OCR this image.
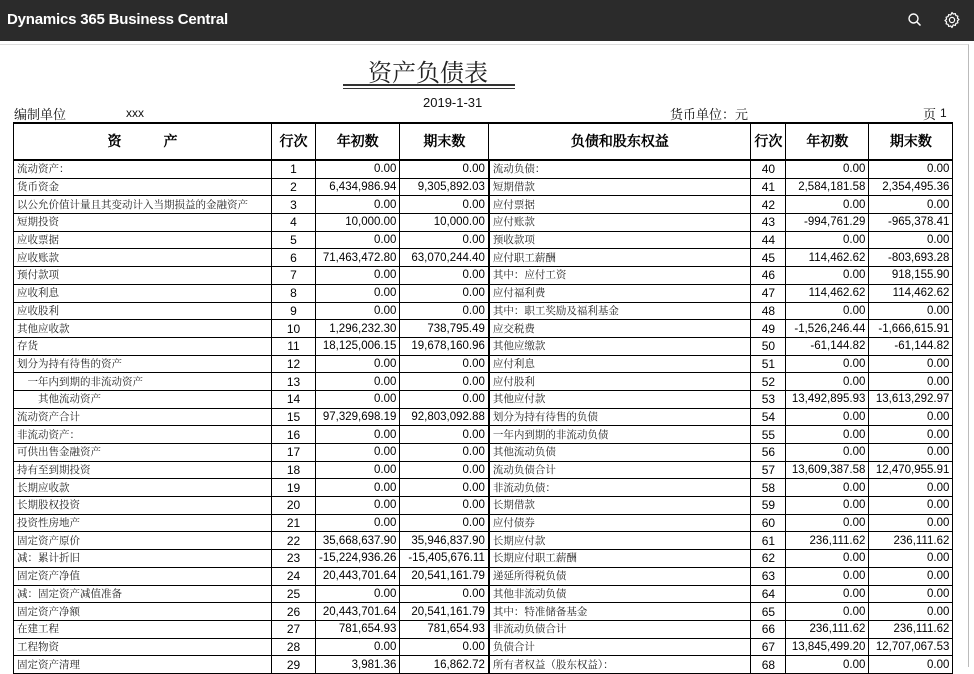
Dynamics 365 Business Central
资产负债表
2019-1-31
编制单位	xxx	货币单位：元	页 1
资　　　产	行次	年初数	期末数	负债和股东权益	行次	年初数	期末数
流动资产：	1	0.00	0.00	流动负债：	40	0.00	0.00
货币资金	2	6,434,986.94	9,305,892.03	短期借款	41	2,584,181.58	2,354,495.36
以公允价值计量且其变动计入当期损益的金融资产	3	0.00	0.00	应付票据	42	0.00	0.00
短期投资	4	10,000.00	10,000.00	应付账款	43	-994,761.29	-965,378.41
应收票据	5	0.00	0.00	预收款项	44	0.00	0.00
应收账款	6	71,463,472.80	63,070,244.40	应付职工薪酬	45	114,462.62	-803,693.28
预付款项	7	0.00	0.00	其中：应付工资	46	0.00	918,155.90
应收利息	8	0.00	0.00	应付福利费	47	114,462.62	114,462.62
应收股利	9	0.00	0.00	其中：职工奖励及福利基金	48	0.00	0.00
其他应收款	10	1,296,232.30	738,795.49	应交税费	49	-1,526,246.44	-1,666,615.91
存货	11	18,125,006.15	19,678,160.96	其他应缴款	50	-61,144.82	-61,144.82
划分为持有待售的资产	12	0.00	0.00	应付利息	51	0.00	0.00
　一年内到期的非流动资产	13	0.00	0.00	应付股利	52	0.00	0.00
　　其他流动资产	14	0.00	0.00	其他应付款	53	13,492,895.93	13,613,292.97
流动资产合计	15	97,329,698.19	92,803,092.88	划分为持有待售的负债	54	0.00	0.00
非流动资产：	16	0.00	0.00	一年内到期的非流动负债	55	0.00	0.00
可供出售金融资产	17	0.00	0.00	其他流动负债	56	0.00	0.00
持有至到期投资	18	0.00	0.00	流动负债合计	57	13,609,387.58	12,470,955.91
长期应收款	19	0.00	0.00	非流动负债：	58	0.00	0.00
长期股权投资	20	0.00	0.00	长期借款	59	0.00	0.00
投资性房地产	21	0.00	0.00	应付债券	60	0.00	0.00
固定资产原价	22	35,668,637.90	35,946,837.90	长期应付款	61	236,111.62	236,111.62
减：累计折旧	23	-15,224,936.26	-15,405,676.11	长期应付职工薪酬	62	0.00	0.00
固定资产净值	24	20,443,701.64	20,541,161.79	递延所得税负债	63	0.00	0.00
减：固定资产减值准备	25	0.00	0.00	其他非流动负债	64	0.00	0.00
固定资产净额	26	20,443,701.64	20,541,161.79	其中：特准储备基金	65	0.00	0.00
在建工程	27	781,654.93	781,654.93	非流动负债合计	66	236,111.62	236,111.62
工程物资	28	0.00	0.00	负债合计	67	13,845,499.20	12,707,067.53
固定资产清理	29	3,981.36	16,862.72	所有者权益（股东权益）：	68	0.00	0.00
